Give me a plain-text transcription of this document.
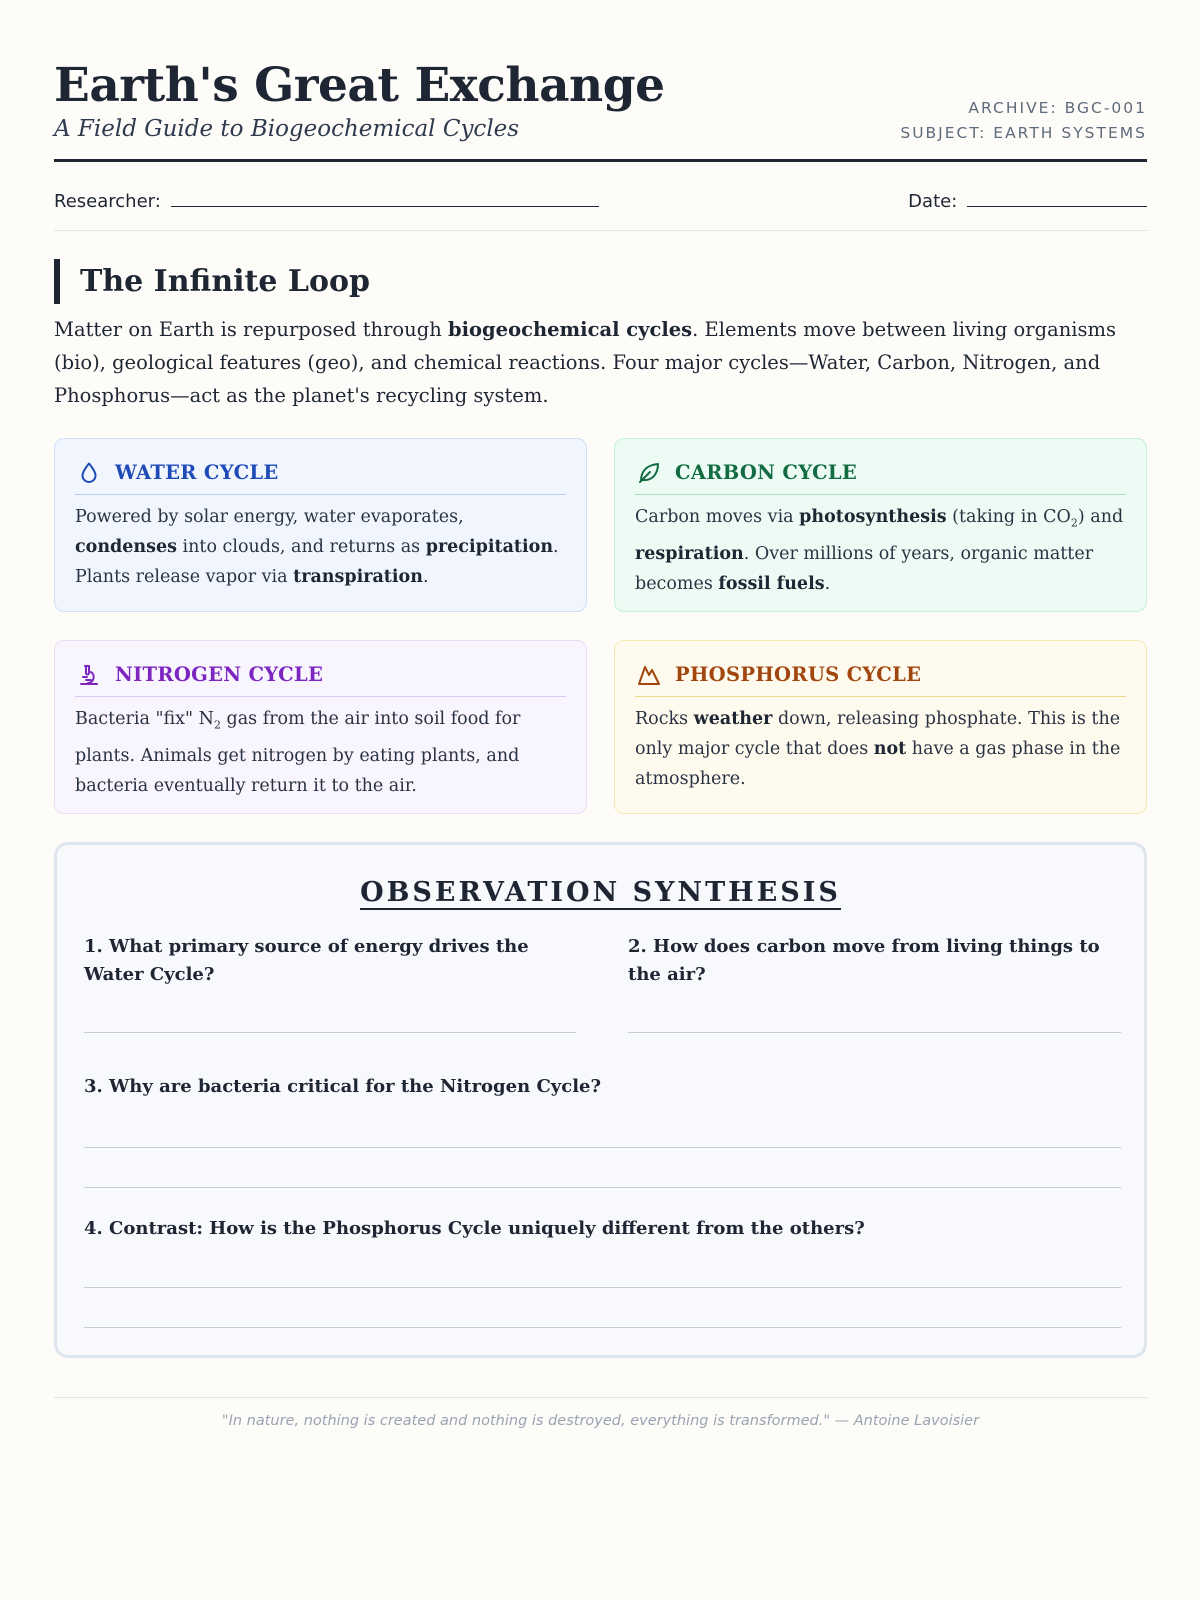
Earth's Great Exchange
A Field Guide to Biogeochemical Cycles
ARCHIVE: BGC-001
SUBJECT: EARTH SYSTEMS
Researcher:	Date:
The Infinite Loop

Matter on Earth is repurposed through biogeochemical cycles. Elements move between living organisms (bio), geological features (geo), and chemical reactions. Four major cycles—Water, Carbon, Nitrogen, and Phosphorus—act as the planet's recycling system.

WATER CYCLE

Powered by solar energy, water evaporates, condenses into clouds, and returns as precipitation. Plants release vapor via transpiration.

CARBON CYCLE

Carbon moves via photosynthesis (taking in $CO_2$) and respiration. Over millions of years, organic matter becomes fossil fuels.

NITROGEN CYCLE

Bacteria "fix" $N_2$ gas from the air into soil food for plants. Animals get nitrogen by eating plants, and bacteria eventually return it to the air.

PHOSPHORUS CYCLE

Rocks weather down, releasing phosphate. This is the only major cycle that does not have a gas phase in the atmosphere.

OBSERVATION SYNTHESIS
1. What primary source of energy drives the Water Cycle?
2. How does carbon move from living things to the air?
3. Why are bacteria critical for the Nitrogen Cycle?
4. Contrast: How is the Phosphorus Cycle uniquely different from the others?
"In nature, nothing is created and nothing is destroyed, everything is transformed." — Antoine Lavoisier
